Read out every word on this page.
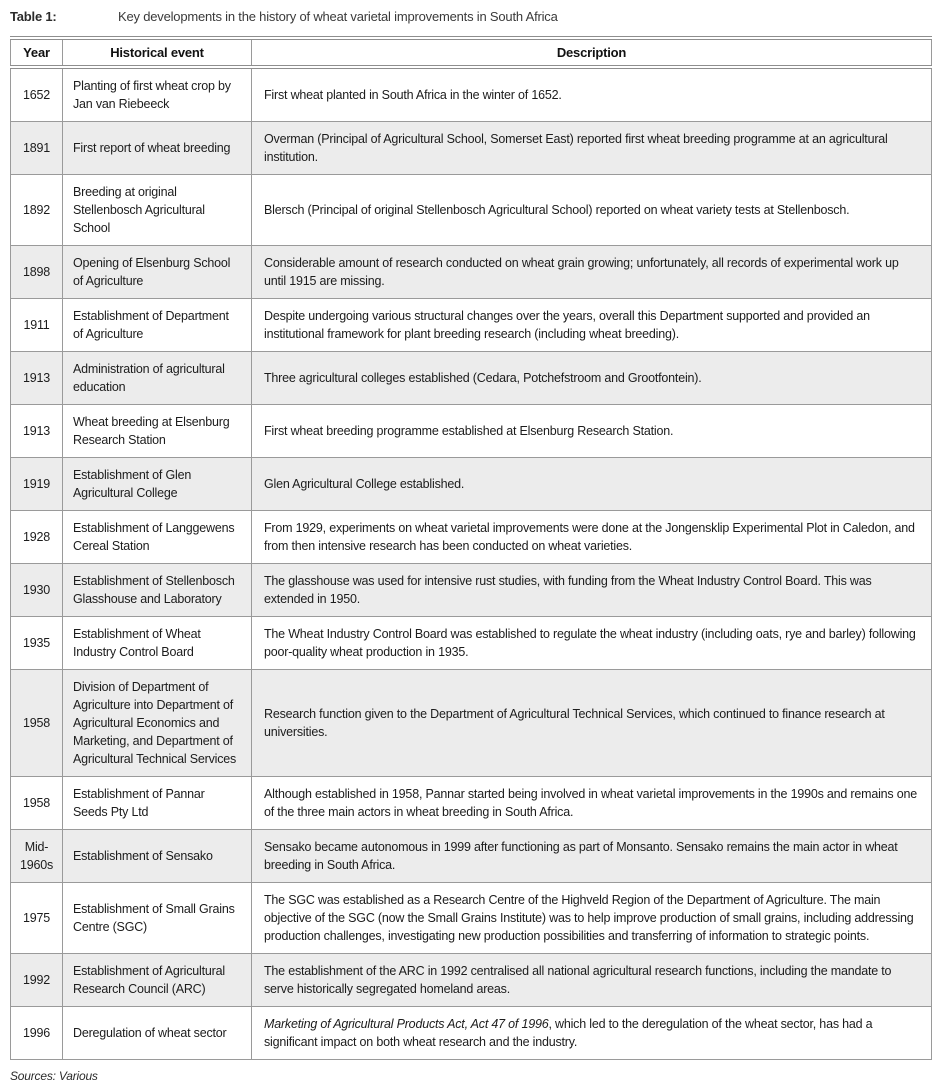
Table 1:	Key developments in the history of wheat varietal improvements in South Africa
Year	Historical event	Description
1652	Planting of first wheat crop by Jan van Riebeeck	First wheat planted in South Africa in the winter of 1652.
1891	First report of wheat breeding	Overman (Principal of Agricultural School, Somerset East) reported first wheat breeding programme at an agricultural institution.
1892	Breeding at original Stellenbosch Agricultural School	Blersch (Principal of original Stellenbosch Agricultural School) reported on wheat variety tests at Stellenbosch.
1898	Opening of Elsenburg School of Agriculture	Considerable amount of research conducted on wheat grain growing; unfortunately, all records of experimental work up until 1915 are missing.
1911	Establishment of Department of Agriculture	Despite undergoing various structural changes over the years, overall this Department supported and provided an institutional framework for plant breeding research (including wheat breeding).
1913	Administration of agricultural education	Three agricultural colleges established (Cedara, Potchefstroom and Grootfontein).
1913	Wheat breeding at Elsenburg Research Station	First wheat breeding programme established at Elsenburg Research Station.
1919	Establishment of Glen Agricultural College	Glen Agricultural College established.
1928	Establishment of Langgewens Cereal Station	From 1929, experiments on wheat varietal improvements were done at the Jongensklip Experimental Plot in Caledon, and from then intensive research has been conducted on wheat varieties.
1930	Establishment of Stellenbosch Glasshouse and Laboratory	The glasshouse was used for intensive rust studies, with funding from the Wheat Industry Control Board. This was extended in 1950.
1935	Establishment of Wheat Industry Control Board	The Wheat Industry Control Board was established to regulate the wheat industry (including oats, rye and barley) following poor-quality wheat production in 1935.
1958	Division of Department of Agriculture into Department of Agricultural Economics and Marketing, and Department of Agricultural Technical Services	Research function given to the Department of Agricultural Technical Services, which continued to finance research at universities.
1958	Establishment of Pannar Seeds Pty Ltd	Although established in 1958, Pannar started being involved in wheat varietal improvements in the 1990s and remains one of the three main actors in wheat breeding in South Africa.
Mid-1960s	Establishment of Sensako	Sensako became autonomous in 1999 after functioning as part of Monsanto. Sensako remains the main actor in wheat breeding in South Africa.
1975	Establishment of Small Grains Centre (SGC)	The SGC was established as a Research Centre of the Highveld Region of the Department of Agriculture. The main objective of the SGC (now the Small Grains Institute) was to help improve production of small grains, including addressing production challenges, investigating new production possibilities and transferring of information to strategic points.
1992	Establishment of Agricultural Research Council (ARC)	The establishment of the ARC in 1992 centralised all national agricultural research functions, including the mandate to serve historically segregated homeland areas.
1996	Deregulation of wheat sector	Marketing of Agricultural Products Act, Act 47 of 1996, which led to the deregulation of the wheat sector, has had a significant impact on both wheat research and the industry.
Sources: Various
